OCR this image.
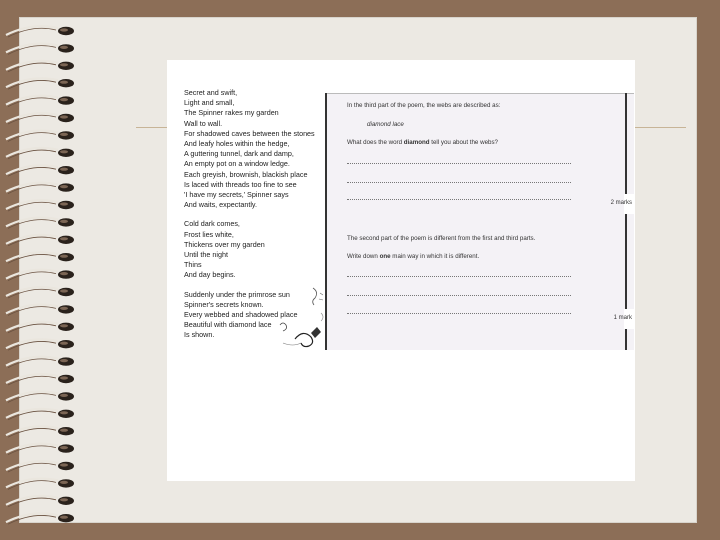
Secret and swift,

Light and small,

The Spinner rakes my garden

Wall to wall.

For shadowed caves between the stones

And leafy holes within the hedge,

A guttering tunnel, dark and damp,

An empty pot on a window ledge.

Each greyish, brownish, blackish place

Is laced with threads too fine to see

'I have my secrets,' Spinner says

And waits, expectantly.

Cold dark comes,

Frost lies white,

Thickens over my garden

Until the night

Thins

And day begins.

Suddenly under the primrose sun

Spinner's secrets known.

Every webbed and shadowed place

Beautiful with diamond lace

Is shown.

In the third part of the poem, the webs are described as:
diamond lace
What does the word diamond tell you about the webs?
2 marks
The second part of the poem is different from the first and third parts.
Write down one main way in which it is different.
1 mark
